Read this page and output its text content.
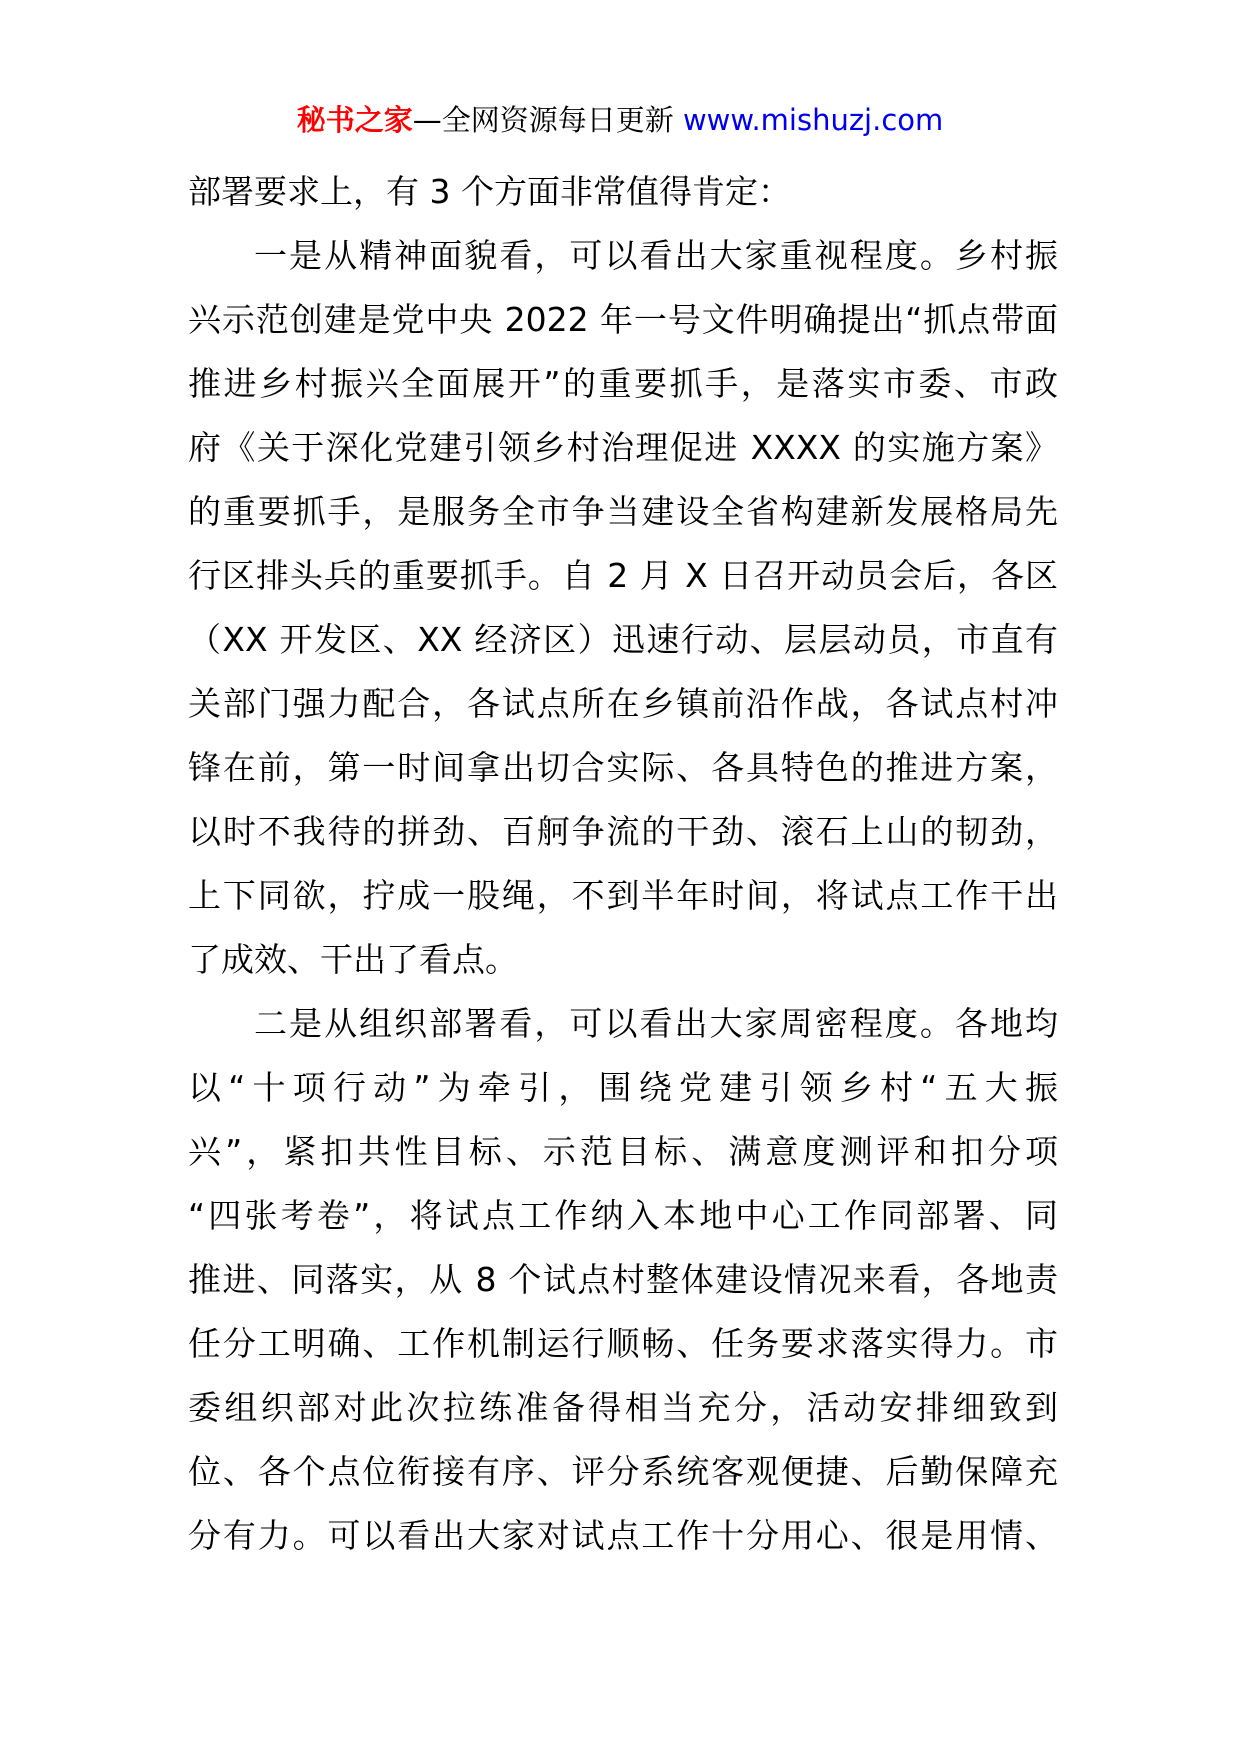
秘书之家—全网资源每日更新 www.mishuzj.com
部署要求上，有 3 个方面非常值得肯定：
一是从精神面貌看，可以看出大家重视程度。乡村振
兴示范创建是党中央 2022 年一号文件明确提出“抓点带面
推进乡村振兴全面展开”的重要抓手，是落实市委、市政
府《关于深化党建引领乡村治理促进 XXXX 的实施方案》
的重要抓手，是服务全市争当建设全省构建新发展格局先
行区排头兵的重要抓手。自 2 月 X 日召开动员会后，各区
（XX 开发区、XX 经济区）迅速行动、层层动员，市直有
关部门强力配合，各试点所在乡镇前沿作战，各试点村冲
锋在前，第一时间拿出切合实际、各具特色的推进方案，
以时不我待的拼劲、百舸争流的干劲、滚石上山的韧劲，
上下同欲，拧成一股绳，不到半年时间，将试点工作干出
了成效、干出了看点。
二是从组织部署看，可以看出大家周密程度。各地均
以“十项行动”为牵引，围绕党建引领乡村“五大振
兴”，紧扣共性目标、示范目标、满意度测评和扣分项
“四张考卷”，将试点工作纳入本地中心工作同部署、同
推进、同落实，从 8 个试点村整体建设情况来看，各地责
任分工明确、工作机制运行顺畅、任务要求落实得力。市
委组织部对此次拉练准备得相当充分，活动安排细致到
位、各个点位衔接有序、评分系统客观便捷、后勤保障充
分有力。可以看出大家对试点工作十分用心、很是用情、
